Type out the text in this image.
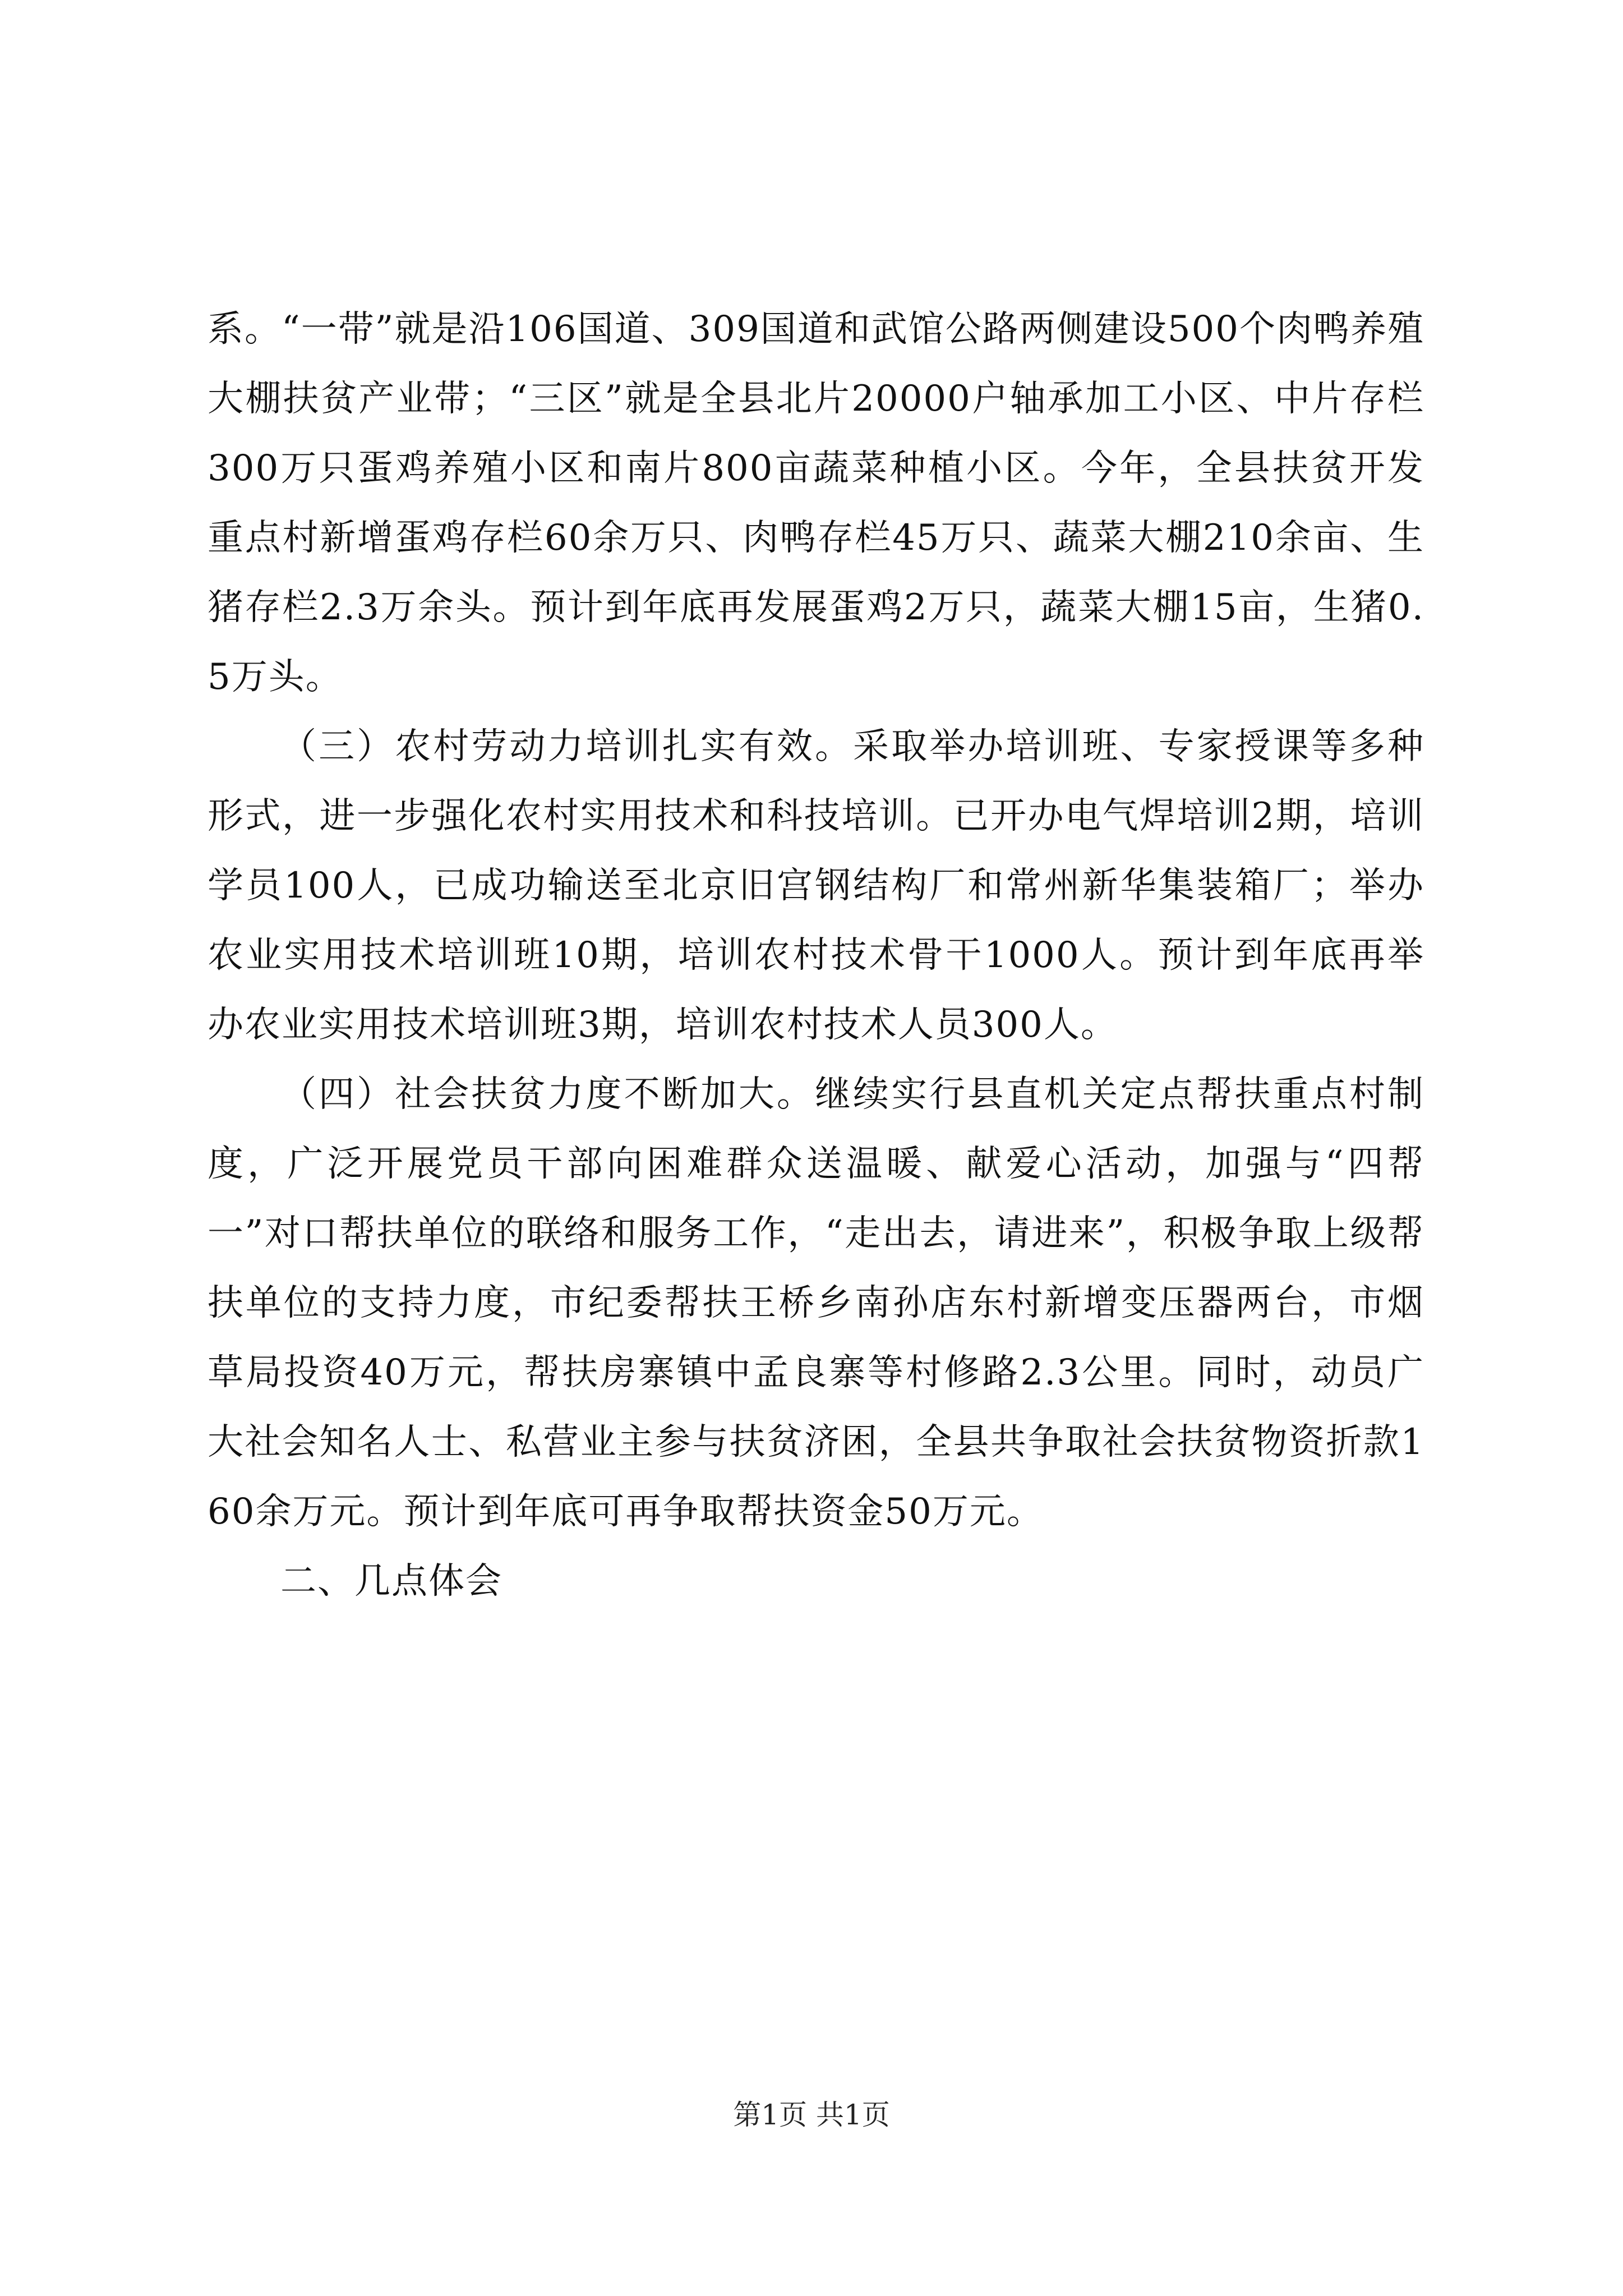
系。“一带”就是沿106国道、309国道和武馆公路两侧建设500个肉鸭养殖大棚扶贫产业带；“三区”就是全县北片20000户轴承加工小区、中片存栏300万只蛋鸡养殖小区和南片800亩蔬菜种植小区。今年，全县扶贫开发重点村新增蛋鸡存栏60余万只、肉鸭存栏45万只、蔬菜大棚210余亩、生猪存栏2.3万余头。预计到年底再发展蛋鸡2万只，蔬菜大棚15亩，生猪0.5万头。

（三）农村劳动力培训扎实有效。采取举办培训班、专家授课等多种形式，进一步强化农村实用技术和科技培训。已开办电气焊培训2期，培训学员100人，已成功输送至北京旧宫钢结构厂和常州新华集装箱厂；举办农业实用技术培训班10期，培训农村技术骨干1000人。预计到年底再举办农业实用技术培训班3期，培训农村技术人员300人。

（四）社会扶贫力度不断加大。继续实行县直机关定点帮扶重点村制度，广泛开展党员干部向困难群众送温暖、献爱心活动，加强与“四帮一”对口帮扶单位的联络和服务工作，“走出去，请进来”，积极争取上级帮扶单位的支持力度，市纪委帮扶王桥乡南孙店东村新增变压器两台，市烟草局投资40万元，帮扶房寨镇中孟良寨等村修路2.3公里。同时，动员广大社会知名人士、私营业主参与扶贫济困，全县共争取社会扶贫物资折款160余万元。预计到年底可再争取帮扶资金50万元。

二、几点体会

第1页 共1页
